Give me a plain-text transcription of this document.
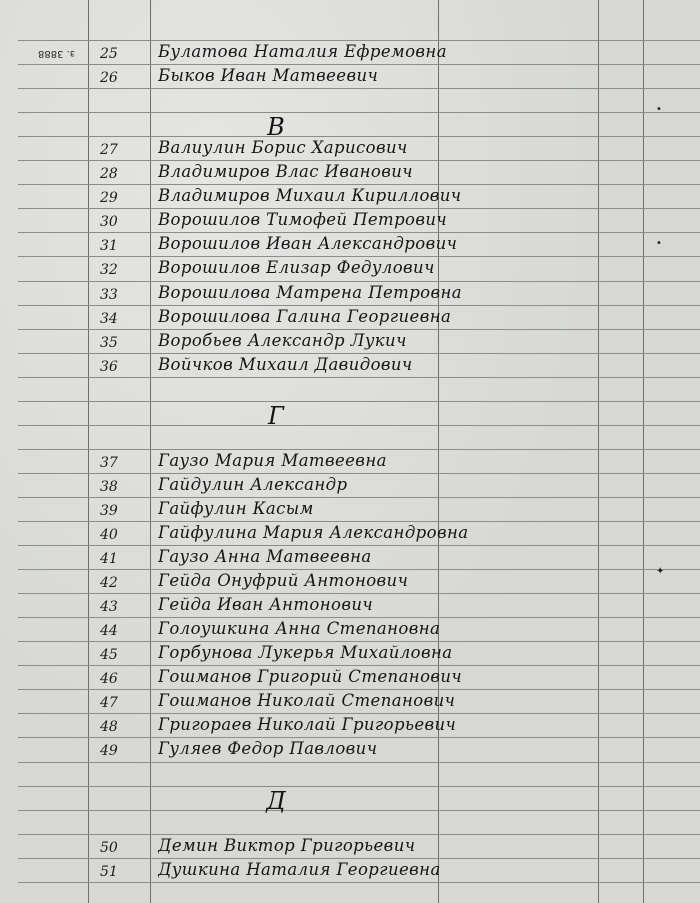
з. 3888 25	Булатова Наталия Ефремовна
26	Быков Иван Матвеевич
В
27	Валиулин Борис Харисович
28	Владимиров Влас Иванович
29	Владимиров Михаил Кириллович
30	Ворошилов Тимофей Петрович
31	Ворошилов Иван Александрович
32	Ворошилов Елизар Федулович
33	Ворошилова Матрена Петровна
34	Ворошилова Галина Георгиевна
35	Воробьев Александр Лукич
36	Войчков Михаил Давидович
Г
37	Гаузо Мария Матвеевна
38	Гайдулин Александр
39	Гайфулин Касым
40	Гайфулина Мария Александровна
41	Гаузо Анна Матвеевна
42	Гейда Онуфрий Антонович
43	Гейда Иван Антонович
44	Голоушкина Анна Степановна
45	Горбунова Лукерья Михайловна
46	Гошманов Григорий Степанович
47	Гошманов Николай Степанович
48	Григораев Николай Григорьевич
49	Гуляев Федор Павлович
Д
50	Демин Виктор Григорьевич
51	Душкина Наталия Георгиевна
•
•
✦
